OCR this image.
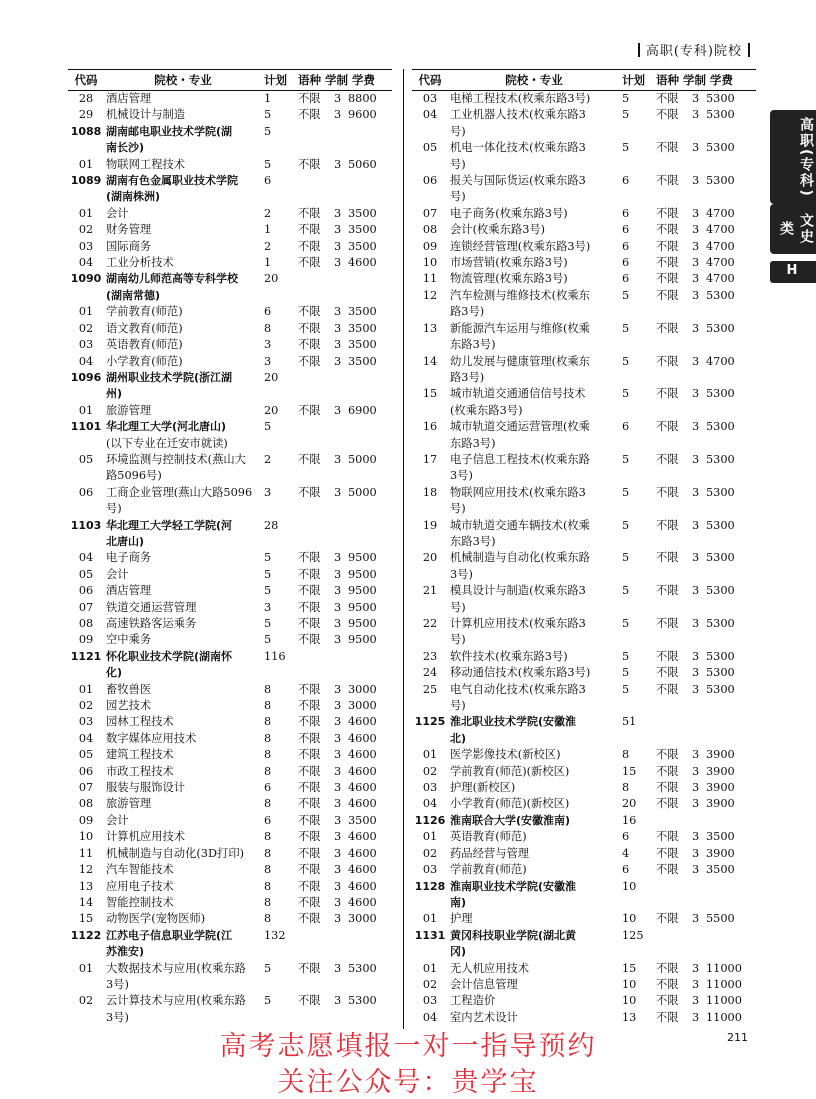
高职(专科)院校
代码	院校・专业	计划 语种 学制 学费
28	酒店管理	1	不限	3 8800
29	机械设计与制造	5	不限	3 9600
1088 湖南邮电职业技术学院(湖	5
南长沙)
01	物联网工程技术	5	不限	3 5060
1089 湖南有色金属职业技术学院	6
(湖南株洲)
01	会计	2	不限	3 3500
02	财务管理	1	不限	3 3500
03	国际商务	2	不限	3 3500
04	工业分析技术	1	不限	3 4600
1090 湖南幼儿师范高等专科学校	20
(湖南常德)
01	学前教育(师范)	6	不限	3 3500
02	语文教育(师范)	8	不限	3 3500
03	英语教育(师范)	3	不限	3 3500
04	小学教育(师范)	3	不限	3 3500
1096 湖州职业技术学院(浙江湖	20
州)
01	旅游管理	20	不限	3 6900
1101 华北理工大学(河北唐山)	5
(以下专业在迁安市就读)
05	环境监测与控制技术(燕山大	2	不限	3 5000
路5096号)
06	工商企业管理(燕山大路5096	3	不限	3 5000
号)
1103 华北理工大学轻工学院(河	28
北唐山)
04	电子商务	5	不限	3 9500
05	会计	5	不限	3 9500
06	酒店管理	5	不限	3 9500
07	铁道交通运营管理	3	不限	3 9500
08	高速铁路客运乘务	5	不限	3 9500
09	空中乘务	5	不限	3 9500
1121 怀化职业技术学院(湖南怀	116
化)
01	畜牧兽医	8	不限	3 3000
02	园艺技术	8	不限	3 3000
03	园林工程技术	8	不限	3 4600
04	数字媒体应用技术	8	不限	3 4600
05	建筑工程技术	8	不限	3 4600
06	市政工程技术	8	不限	3 4600
07	服装与服饰设计	6	不限	3 4600
08	旅游管理	8	不限	3 4600
09	会计	6	不限	3 3500
10	计算机应用技术	8	不限	3 4600
11	机械制造与自动化(3D打印)	8	不限	3 4600
12	汽车智能技术	8	不限	3 4600
13	应用电子技术	8	不限	3 4600
14	智能控制技术	8	不限	3 4600
15	动物医学(宠物医师)	8	不限	3 3000
1122 江苏电子信息职业学院(江	132
苏淮安)
01	大数据技术与应用(枚乘东路	5	不限	3 5300
3号)
02	云计算技术与应用(枚乘东路	5	不限	3 5300
3号)
代码	院校・专业	计划 语种 学制 学费
03	电梯工程技术(枚乘东路3号)	5	不限	3 5300
04	工业机器人技术(枚乘东路3	5	不限	3 5300
号)
05	机电一体化技术(枚乘东路3	5	不限	3 5300
号)
06	报关与国际货运(枚乘东路3	6	不限	3 5300
号)
07	电子商务(枚乘东路3号)	6	不限	3 4700
08	会计(枚乘东路3号)	6	不限	3 4700
09	连锁经营管理(枚乘东路3号)	6	不限	3 4700
10	市场营销(枚乘东路3号)	6	不限	3 4700
11	物流管理(枚乘东路3号)	6	不限	3 4700
12	汽车检测与维修技术(枚乘东	5	不限	3 5300
路3号)
13	新能源汽车运用与维修(枚乘	5	不限	3 5300
东路3号)
14	幼儿发展与健康管理(枚乘东	5	不限	3 4700
路3号)
15	城市轨道交通通信信号技术	5	不限	3 5300
(枚乘东路3号)
16	城市轨道交通运营管理(枚乘	6	不限	3 5300
东路3号)
17	电子信息工程技术(枚乘东路	5	不限	3 5300
3号)
18	物联网应用技术(枚乘东路3	5	不限	3 5300
号)
19	城市轨道交通车辆技术(枚乘	5	不限	3 5300
东路3号)
20	机械制造与自动化(枚乘东路	5	不限	3 5300
3号)
21	模具设计与制造(枚乘东路3	5	不限	3 5300
号)
22	计算机应用技术(枚乘东路3	5	不限	3 5300
号)
23	软件技术(枚乘东路3号)	5	不限	3 5300
24	移动通信技术(枚乘东路3号)	5	不限	3 5300
25	电气自动化技术(枚乘东路3	5	不限	3 5300
号)
1125 淮北职业技术学院(安徽淮	51
北)
01	医学影像技术(新校区)	8	不限	3 3900
02	学前教育(师范)(新校区)	15	不限	3 3900
03	护理(新校区)	8	不限	3 3900
04	小学教育(师范)(新校区)	20	不限	3 3900
1126 淮南联合大学(安徽淮南)	16
01	英语教育(师范)	6	不限	3 3500
02	药品经营与管理	4	不限	3 3900
03	学前教育(师范)	6	不限	3 3500
1128 淮南职业技术学院(安徽淮	10
南)
01	护理	10	不限	3 5500
1131 黄冈科技职业学院(湖北黄	125
冈)
01	无人机应用技术	15	不限	3 11000
02	会计信息管理	10	不限	3 11000
03	工程造价	10	不限	3 11000
04	室内艺术设计	13	不限	3 11000
高职(专科)
文史类
H
211
高考志愿填报一对一指导预约
关注公众号：贵学宝
